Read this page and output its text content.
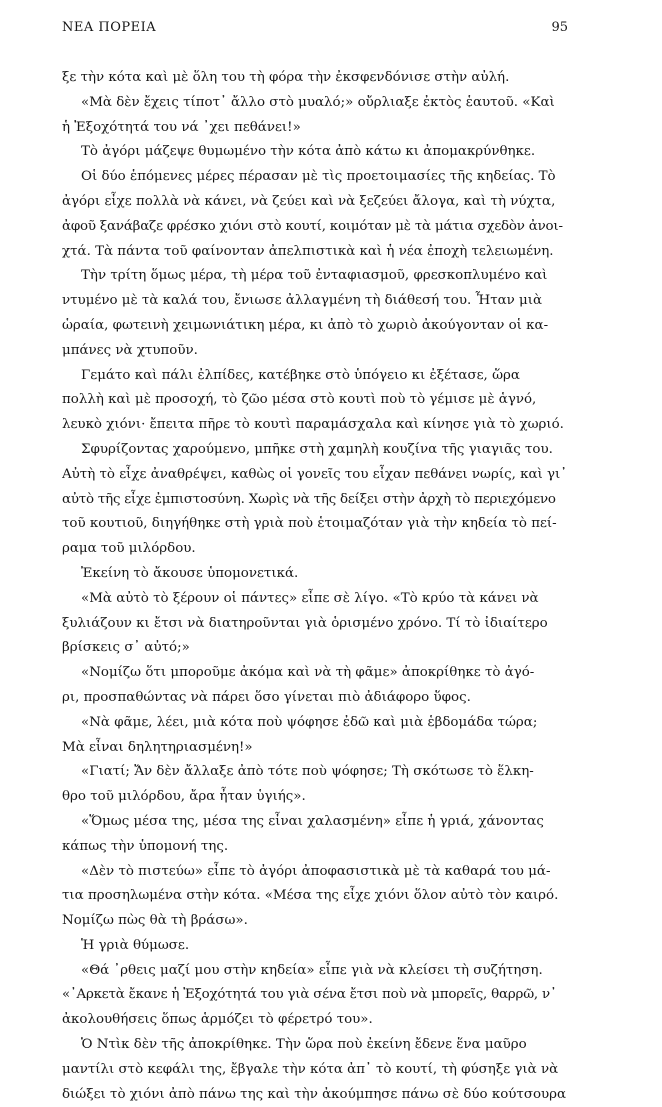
ΝΕΑ ΠΟΡΕΙΑ	95
ξε τὴν κότα καὶ μὲ ὅλη του τὴ φόρα τὴν ἐκσφενδόνισε στὴν αὐλή.
«Μὰ δὲν ἔχεις τίποτ᾽ ἄλλο στὸ μυαλό;» οὔρλιαξε ἐκτὸς ἑαυτοῦ. «Καὶ
ἡ Ἐξοχότητά του νά ᾽χει πεθάνει!»
Τὸ ἀγόρι μάζεψε θυμωμένο τὴν κότα ἀπὸ κάτω κι ἀπομακρύνθηκε.
Οἱ δύο ἑπόμενες μέρες πέρασαν μὲ τὶς προετοιμασίες τῆς κηδείας. Τὸ
ἀγόρι εἶχε πολλὰ νὰ κάνει, νὰ ζεύει καὶ νὰ ξεζεύει ἄλογα, καὶ τὴ νύχτα,
ἀφοῦ ξανάβαζε φρέσκο χιόνι στὸ κουτί, κοιμόταν μὲ τὰ μάτια σχεδὸν ἀνοι-
χτά. Τὰ πάντα τοῦ φαίνονταν ἀπελπιστικὰ καὶ ἡ νέα ἐποχὴ τελειωμένη.
Τὴν τρίτη ὅμως μέρα, τὴ μέρα τοῦ ἐνταφιασμοῦ, φρεσκοπλυμένο καὶ
ντυμένο μὲ τὰ καλά του, ἔνιωσε ἀλλαγμένη τὴ διάθεσή του. Ἦταν μιὰ
ὡραία, φωτεινὴ χειμωνιάτικη μέρα, κι ἀπὸ τὸ χωριὸ ἀκούγονταν οἱ κα-
μπάνες νὰ χτυποῦν.
Γεμάτο καὶ πάλι ἐλπίδες, κατέβηκε στὸ ὑπόγειο κι ἐξέτασε, ὥρα
πολλὴ καὶ μὲ προσοχή, τὸ ζῶο μέσα στὸ κουτὶ ποὺ τὸ γέμισε μὲ ἁγνό,
λευκὸ χιόνι· ἔπειτα πῆρε τὸ κουτὶ παραμάσχαλα καὶ κίνησε γιὰ τὸ χωριό.
Σφυρίζοντας χαρούμενο, μπῆκε στὴ χαμηλὴ κουζίνα τῆς γιαγιᾶς του.
Αὐτὴ τὸ εἶχε ἀναθρέψει, καθὼς οἱ γονεῖς του εἶχαν πεθάνει νωρίς, καὶ γι᾽
αὐτὸ τῆς εἶχε ἐμπιστοσύνη. Χωρὶς νὰ τῆς δείξει στὴν ἀρχὴ τὸ περιεχόμενο
τοῦ κουτιοῦ, διηγήθηκε στὴ γριὰ ποὺ ἑτοιμαζόταν γιὰ τὴν κηδεία τὸ πεί-
ραμα τοῦ μιλόρδου.
Ἐκείνη τὸ ἄκουσε ὑπομονετικά.
«Μὰ αὐτὸ τὸ ξέρουν οἱ πάντες» εἶπε σὲ λίγο. «Τὸ κρύο τὰ κάνει νὰ
ξυλιάζουν κι ἔτσι νὰ διατηροῦνται γιὰ ὁρισμένο χρόνο. Τί τὸ ἰδιαίτερο
βρίσκεις σ᾽ αὐτό;»
«Νομίζω ὅτι μποροῦμε ἀκόμα καὶ νὰ τὴ φᾶμε» ἀποκρίθηκε τὸ ἀγό-
ρι, προσπαθώντας νὰ πάρει ὅσο γίνεται πιὸ ἀδιάφορο ὕφος.
«Νὰ φᾶμε, λέει, μιὰ κότα ποὺ ψόφησε ἐδῶ καὶ μιὰ ἑβδομάδα τώρα;
Μὰ εἶναι δηλητηριασμένη!»
«Γιατί; Ἄν δὲν ἄλλαξε ἀπὸ τότε ποὺ ψόφησε; Τὴ σκότωσε τὸ ἕλκη-
θρο τοῦ μιλόρδου, ἄρα ἦταν ὑγιής».
«Ὅμως μέσα της, μέσα της εἶναι χαλασμένη» εἶπε ἡ γριά, χάνοντας
κάπως τὴν ὑπομονή της.
«Δὲν τὸ πιστεύω» εἶπε τὸ ἀγόρι ἀποφασιστικὰ μὲ τὰ καθαρά του μά-
τια προσηλωμένα στὴν κότα. «Μέσα της εἶχε χιόνι ὅλον αὐτὸ τὸν καιρό.
Νομίζω πὼς θὰ τὴ βράσω».
Ἡ γριὰ θύμωσε.
«Θά ᾽ρθεις μαζί μου στὴν κηδεία» εἶπε γιὰ νὰ κλείσει τὴ συζήτηση.
«᾽Αρκετὰ ἔκανε ἡ Ἐξοχότητά του γιὰ σένα ἔτσι ποὺ νὰ μπορεῖς, θαρρῶ, ν᾽
ἀκολουθήσεις ὅπως ἁρμόζει τὸ φέρετρό του».
Ὁ Ντὶκ δὲν τῆς ἀποκρίθηκε. Τὴν ὥρα ποὺ ἐκείνη ἔδενε ἕνα μαῦρο
μαντίλι στὸ κεφάλι της, ἔβγαλε τὴν κότα ἀπ᾽ τὸ κουτί, τὴ φύσηξε γιὰ νὰ
διώξει τὸ χιόνι ἀπὸ πάνω της καὶ τὴν ἀκούμπησε πάνω σὲ δύο κούτσουρα
